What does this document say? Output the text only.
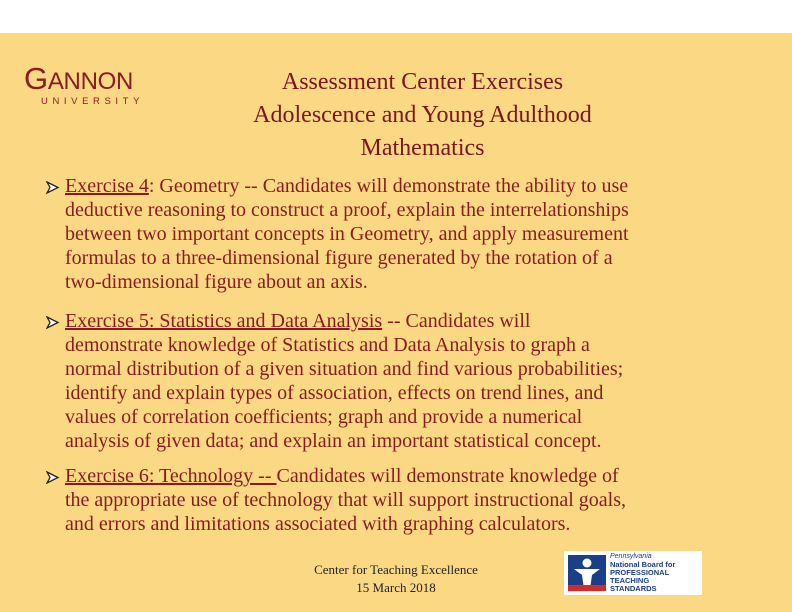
GANNON
UNIVERSITY
Assessment Center Exercises
Adolescence and Young Adulthood
Mathematics
Exercise 4: Geometry -- Candidates will demonstrate the ability to use
deductive reasoning to construct a proof, explain the interrelationships
between two important concepts in Geometry, and apply measurement
formulas to a three-dimensional figure generated by the rotation of a
two-dimensional figure about an axis.
Exercise 5: Statistics and Data Analysis -- Candidates will
demonstrate knowledge of Statistics and Data Analysis to graph a
normal distribution of a given situation and find various probabilities;
identify and explain types of association, effects on trend lines, and
values of correlation coefficients; graph and provide a numerical
analysis of given data; and explain an important statistical concept.
Exercise 6: Technology -- Candidates will demonstrate knowledge of
the appropriate use of technology that will support instructional goals,
and errors and limitations associated with graphing calculators.
Center for Teaching Excellence
15 March 2018
Pennsylvania
National Board for
PROFESSIONAL
TEACHING
STANDARDS
